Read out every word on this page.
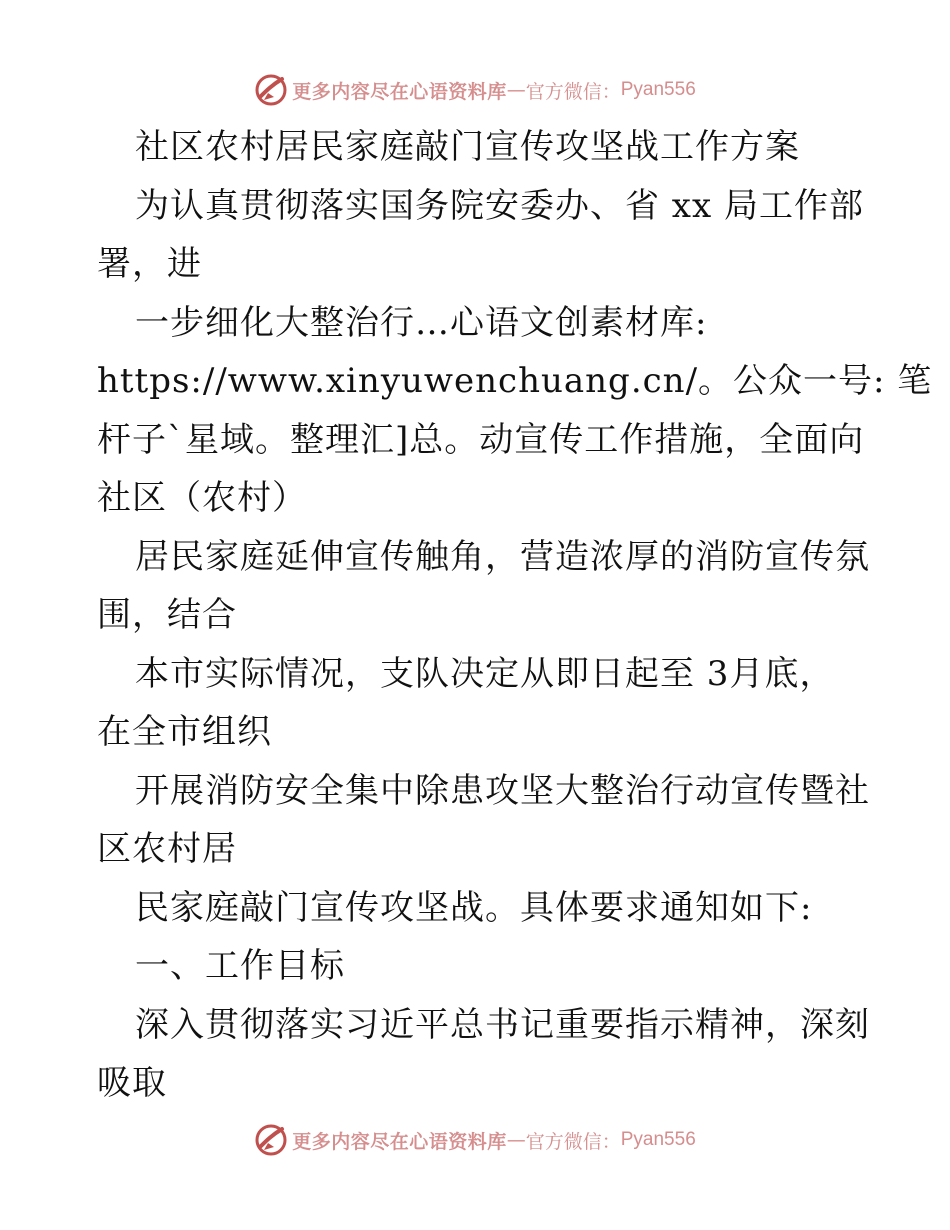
更多内容尽在心语资料库 — 官方微信： Pyan556

社区农村居民家庭敲门宣传攻坚战工作方案

为认真贯彻落实国务院安委办、省 xx 局工作部

署，进

一步细化大整治行…心语文创素材库:

https://www.xinyuwenchuang.cn/。公众一号: 笔

杆子`星域。整理汇]总。动宣传工作措施，全面向

社区（农村）

居民家庭延伸宣传触角，营造浓厚的消防宣传氛

围，结合

本市实际情况，支队决定从即日起至 3月底，

在全市组织

开展消防安全集中除患攻坚大整治行动宣传暨社

区农村居

民家庭敲门宣传攻坚战。具体要求通知如下:

一、工作目标

深入贯彻落实习近平总书记重要指示精神，深刻

吸取

更多内容尽在心语资料库 — 官方微信： Pyan556
